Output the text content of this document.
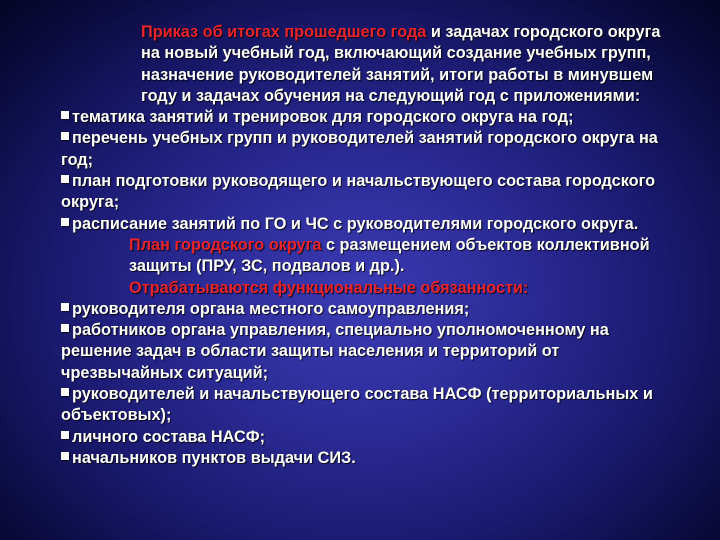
Приказ об итогах прошедшего года и задачах городского округа на новый учебный год, включающий создание учебных групп, назначение руководителей занятий, итоги работы в минувшем году и задачах обучения на следующий год с приложениями:

тематика занятий и тренировок для городского округа на год;
перечень учебных групп и руководителей занятий городского округа на год;
план подготовки руководящего и начальствующего состава городского округа;
расписание занятий по ГО и ЧС с руководителями городского округа.

План городского округа с размещением объектов коллективной защиты (ПРУ, ЗС, подвалов и др.).

Отрабатываются функциональные обязанности:

руководителя органа местного самоуправления;
работников органа управления, специально уполномоченному на решение задач в области защиты населения и территорий от чрезвычайных ситуаций;
руководителей и начальствующего состава НАСФ (территориальных и объектовых);
личного состава НАСФ;
начальников пунктов выдачи СИЗ.
